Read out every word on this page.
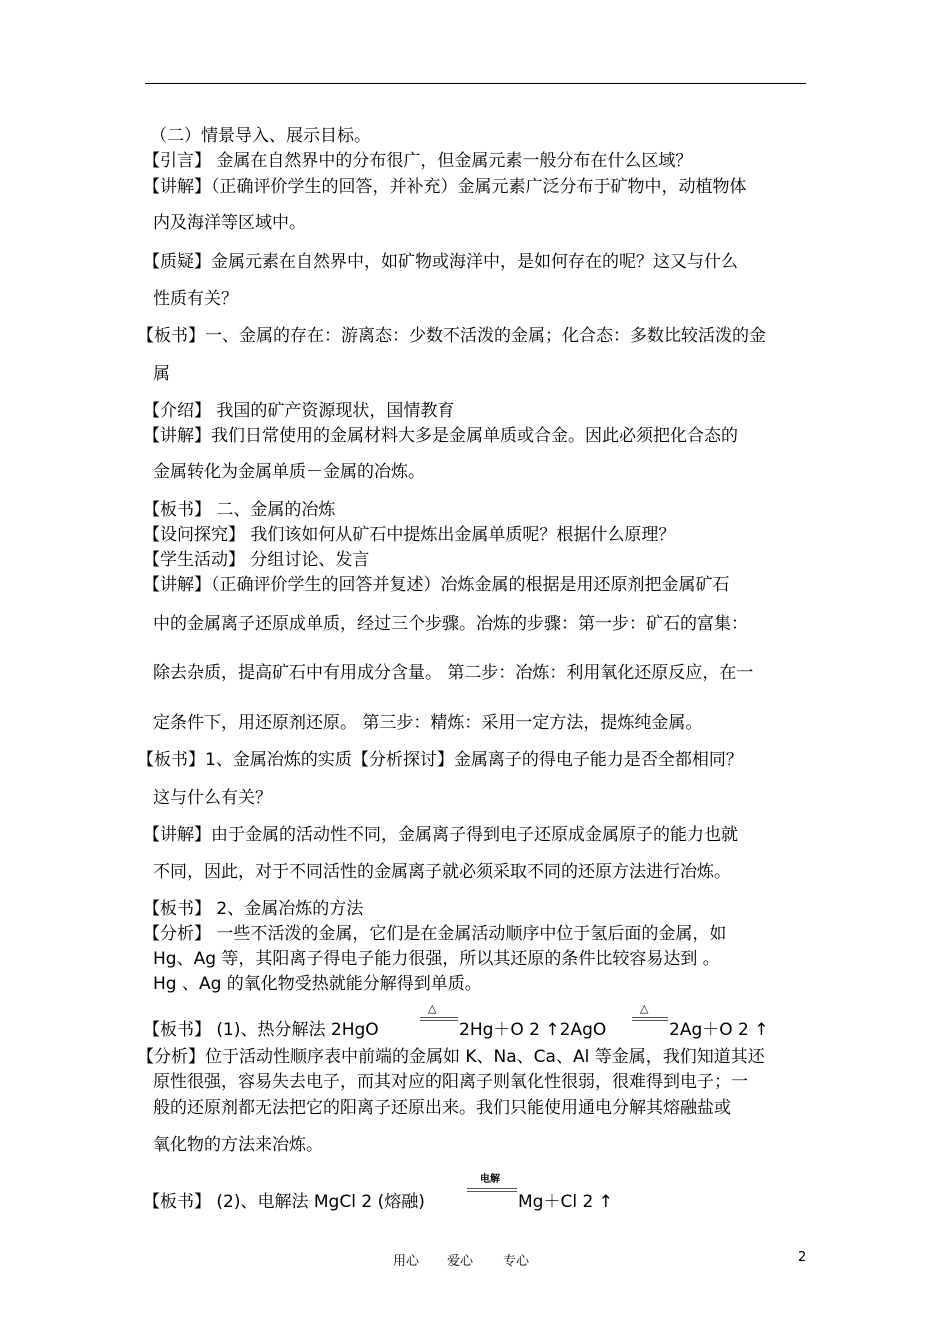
（二）情景导入、展示目标。
【引言】 金属在自然界中的分布很广，但金属元素一般分布在什么区域？
【讲解】（正确评价学生的回答，并补充）金属元素广泛分布于矿物中，动植物体
内及海洋等区域中。
【质疑】金属元素在自然界中，如矿物或海洋中，是如何存在的呢？这又与什么
性质有关？
【板书】一、金属的存在：游离态：少数不活泼的金属；化合态：多数比较活泼的金
属
【介绍】 我国的矿产资源现状，国情教育
【讲解】我们日常使用的金属材料大多是金属单质或合金。因此必须把化合态的
金属转化为金属单质－金属的冶炼。
【板书】 二、金属的冶炼
【设问探究】 我们该如何从矿石中提炼出金属单质呢？根据什么原理？
【学生活动】 分组讨论、发言
【讲解】（正确评价学生的回答并复述）冶炼金属的根据是用还原剂把金属矿石
中的金属离子还原成单质，经过三个步骤。冶炼的步骤：第一步：矿石的富集：
除去杂质，提高矿石中有用成分含量。 第二步：冶炼：利用氧化还原反应，在一
定条件下，用还原剂还原。 第三步：精炼：采用一定方法，提炼纯金属。
【板书】1、金属冶炼的实质【分析探讨】金属离子的得电子能力是否全都相同？
这与什么有关？
【讲解】由于金属的活动性不同，金属离子得到电子还原成金属原子的能力也就
不同，因此，对于不同活性的金属离子就必须采取不同的还原方法进行冶炼。
【板书】 2、金属冶炼的方法
【分析】 一些不活泼的金属，它们是在金属活动顺序中位于氢后面的金属，如
Hg、Ag 等，其阳离子得电子能力很强，所以其还原的条件比较容易达到 。
Hg 、Ag 的氧化物受热就能分解得到单质。
【板书】 (1)、热分解法 2HgO
△
2Hg＋O 2 ↑2AgO
△
2Ag＋O 2 ↑
【分析】位于活动性顺序表中前端的金属如 K、Na、Ca、Al 等金属，我们知道其还
原性很强，容易失去电子，而其对应的阳离子则氧化性很弱，很难得到电子；一
般的还原剂都无法把它的阳离子还原出来。我们只能使用通电分解其熔融盐或
氧化物的方法来冶炼。
【板书】 (2)、电解法 MgCl 2 (熔融)
电解
Mg＋Cl 2 ↑
用心 爱心 专心	2
